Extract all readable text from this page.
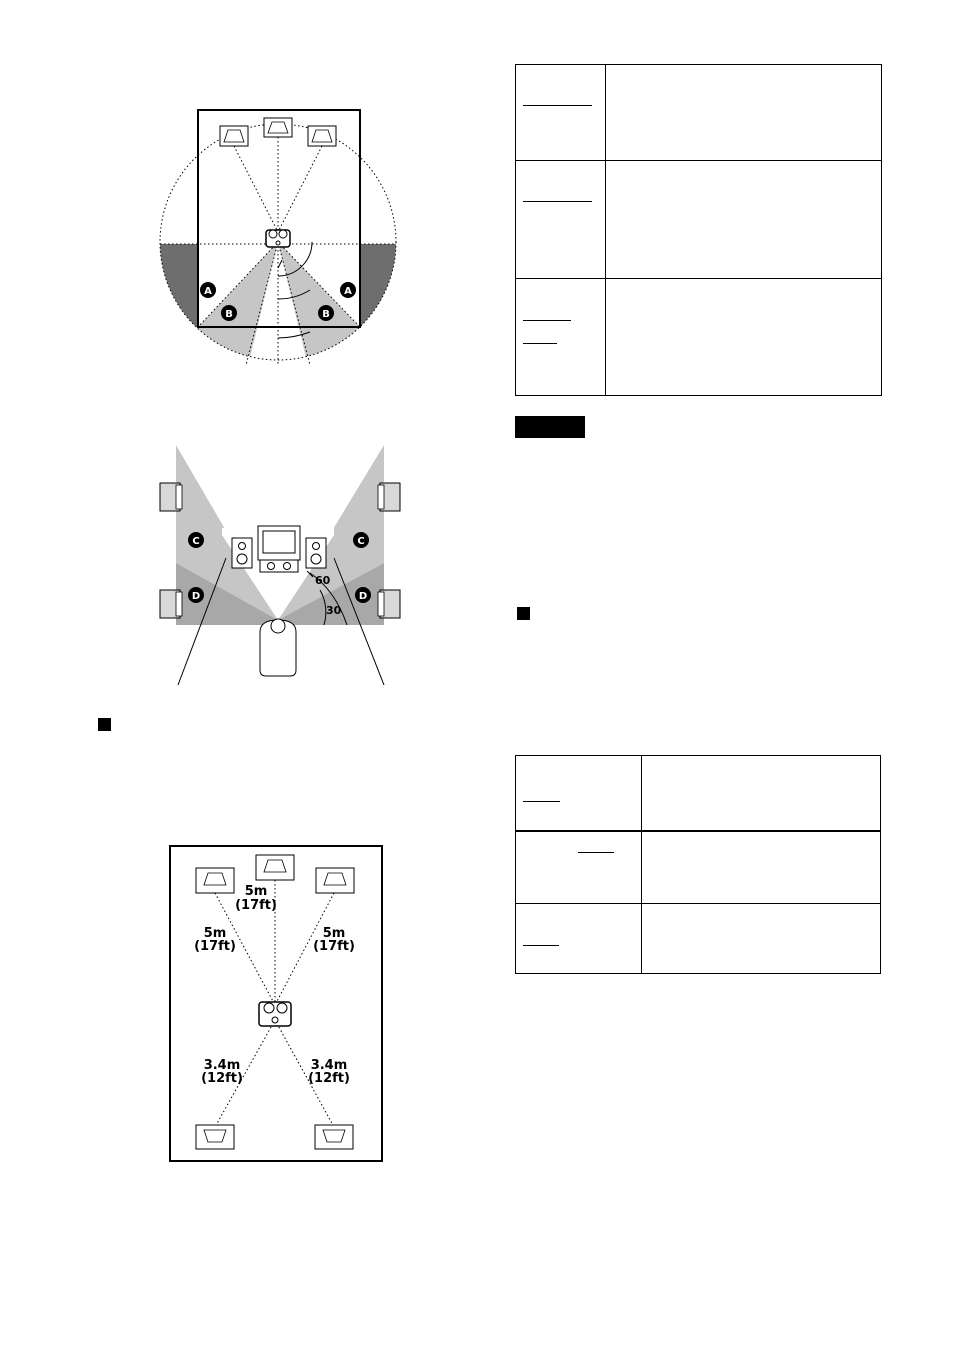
A
B	B
A
C	C
D	D
60
30
5m
(17ft)
5m
(17ft)
5m
(17ft)
3.4m
(12ft)
3.4m
(12ft)
